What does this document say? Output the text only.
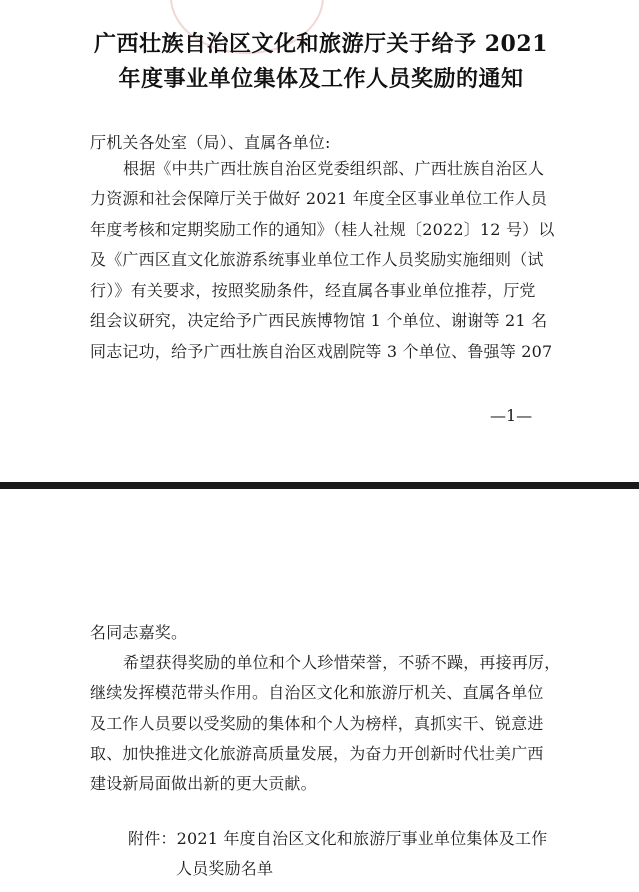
广西壮族自治区文化和旅游厅关于给予 2021
年度事业单位集体及工作人员奖励的通知
厅机关各处室（局）、直属各单位:
根据《中共广西壮族自治区党委组织部、广西壮族自治区人
力资源和社会保障厅关于做好 2021 年度全区事业单位工作人员
年度考核和定期奖励工作的通知》（桂人社规〔2022〕12 号）以
及《广西区直文化旅游系统事业单位工作人员奖励实施细则（试
行）》有关要求，按照奖励条件，经直属各事业单位推荐，厅党
组会议研究，决定给予广西民族博物馆 1 个单位、谢谢等 21 名
同志记功，给予广西壮族自治区戏剧院等 3 个单位、鲁强等 207
—1—
名同志嘉奖。
希望获得奖励的单位和个人珍惜荣誉，不骄不躁，再接再厉，
继续发挥模范带头作用。自治区文化和旅游厅机关、直属各单位
及工作人员要以受奖励的集体和个人为榜样，真抓实干、锐意进
取、加快推进文化旅游高质量发展，为奋力开创新时代壮美广西
建设新局面做出新的更大贡献。
附件：2021 年度自治区文化和旅游厅事业单位集体及工作
人员奖励名单
